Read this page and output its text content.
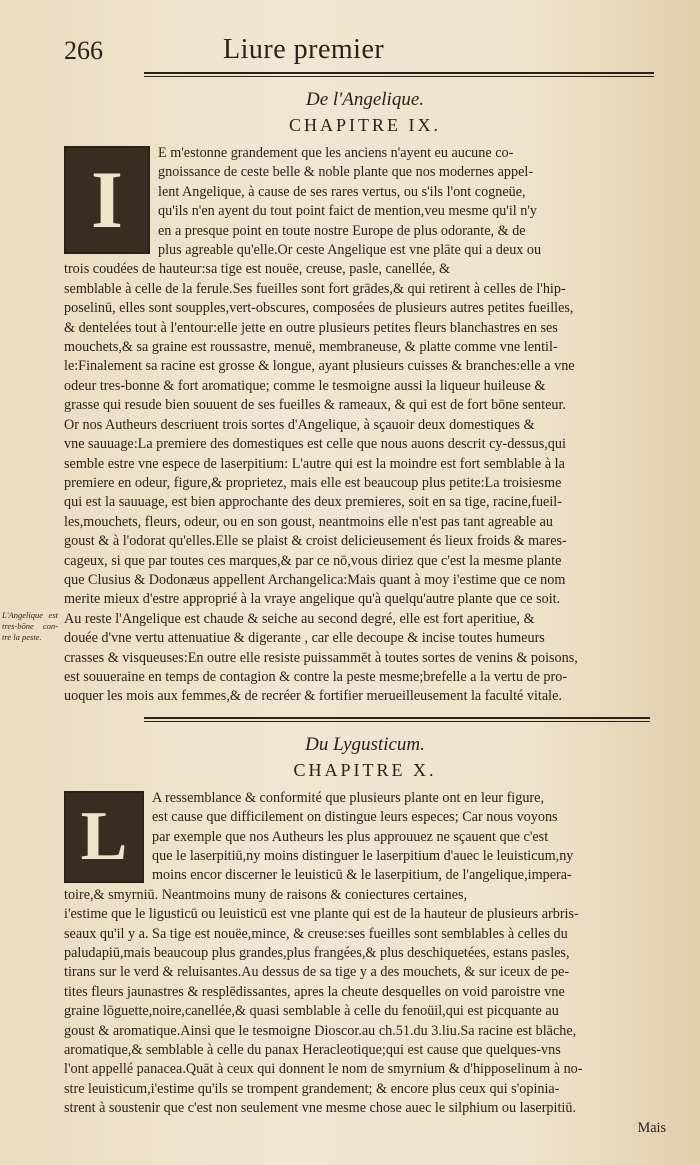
266	Liure premier
De l'Angelique.
CHAPITRE IX.
I
E m'estonne grandement que les anciens n'ayent eu aucune co-
gnoissance de ceste belle & noble plante que nos modernes appel-
lent Angelique, à cause de ses rares vertus, ou s'ils l'ont cogneüe,
qu'ils n'en ayent du tout point faict de mention,veu mesme qu'il n'y
en a presque point en toute nostre Europe de plus odorante, & de
plus agreable qu'elle.Or ceste Angelique est vne plāte qui a deux ou
trois coudées de hauteur:sa tige est nouëe, creuse, pasle, canellée, &
semblable à celle de la ferule.Ses fueilles sont fort grādes,& qui retirent à celles de l'hip-
poselinū, elles sont soupples,vert-obscures, composées de plusieurs autres petites fueilles,
& dentelées tout à l'entour:elle jette en outre plusieurs petites fleurs blanchastres en ses
mouchets,& sa graine est roussastre, menuë, membraneuse, & platte comme vne lentil-
le:Finalement sa racine est grosse & longue, ayant plusieurs cuisses & branches:elle a vne
odeur tres-bonne & fort aromatique; comme le tesmoigne aussi la liqueur huileuse &
grasse qui resude bien souuent de ses fueilles & rameaux, & qui est de fort bōne senteur.
Or nos Autheurs descriuent trois sortes d'Angelique, à sçauoir deux domestiques &
vne sauuage:La premiere des domestiques est celle que nous auons descrit cy-dessus,qui
semble estre vne espece de laserpitium: L'autre qui est la moindre est fort semblable à la
premiere en odeur, figure,& proprietez, mais elle est beaucoup plus petite:La troisiesme
qui est la sauuage, est bien approchante des deux premieres, soit en sa tige, racine,fueil-
les,mouchets, fleurs, odeur, ou en son goust, neantmoins elle n'est pas tant agreable au
goust & à l'odorat qu'elles.Elle se plaist & croist delicieusement és lieux froids & mares-
cageux, si que par toutes ces marques,& par ce nō,vous diriez que c'est la mesme plante
que Clusius & Dodonæus appellent Archangelica:Mais quant à moy i'estime que ce nom
merite mieux d'estre approprié à la vraye angelique qu'à quelqu'autre plante que ce soit.
Au reste l'Angelique est chaude & seiche au second degré, elle est fort aperitiue, &
douée d'vne vertu attenuatiue & digerante , car elle decoupe & incise toutes humeurs
crasses & visqueuses:En outre elle resiste puissammēt à toutes sortes de venins & poisons,
est souueraine en temps de contagion & contre la peste mesme;brefelle a la vertu de pro-
uoquer les mois aux femmes,& de recréer & fortifier merueilleusement la faculté vitale.
L'Angelique est tres-bōne con-tre la peste.
Du Lygusticum.
CHAPITRE X.
L	A ressemblance & conformité que plusieurs plante ont en leur figure,
est cause que difficilement on distingue leurs especes; Car nous voyons
par exemple que nos Autheurs les plus approuuez ne sçauent que c'est
que le laserpitiū,ny moins distinguer le laserpitium d'auec le leuisticum,ny
moins encor discerner le leuisticū & le laserpitium, de l'angelique,impera-
toire,& smyrniū. Neantmoins muny de raisons & coniectures certaines,
i'estime que le ligusticū ou leuisticū est vne plante qui est de la hauteur de plusieurs arbris-
seaux qu'il y a. Sa tige est nouëe,mince, & creuse:ses fueilles sont semblables à celles du
paludapiū,mais beaucoup plus grandes,plus frangées,& plus deschiquetées, estans pasles,
tirans sur le verd & reluisantes.Au dessus de sa tige y a des mouchets, & sur iceux de pe-
tites fleurs jaunastres & resplēdissantes, apres la cheute desquelles on void paroistre vne
graine lōguette,noire,canellée,& quasi semblable à celle du fenoüil,qui est picquante au
goust & aromatique.Ainsi que le tesmoigne Dioscor.au ch.51.du 3.liu.Sa racine est blāche,
aromatique,& semblable à celle du panax Heracleotique;qui est cause que quelques-vns
l'ont appellé panacea.Quāt à ceux qui donnent le nom de smyrnium & d'hipposelinum à no-
stre leuisticum,i'estime qu'ils se trompent grandement; & encore plus ceux qui s'opinia-
strent à soustenir que c'est non seulement vne mesme chose auec le silphium ou laserpitiū.
Mais
